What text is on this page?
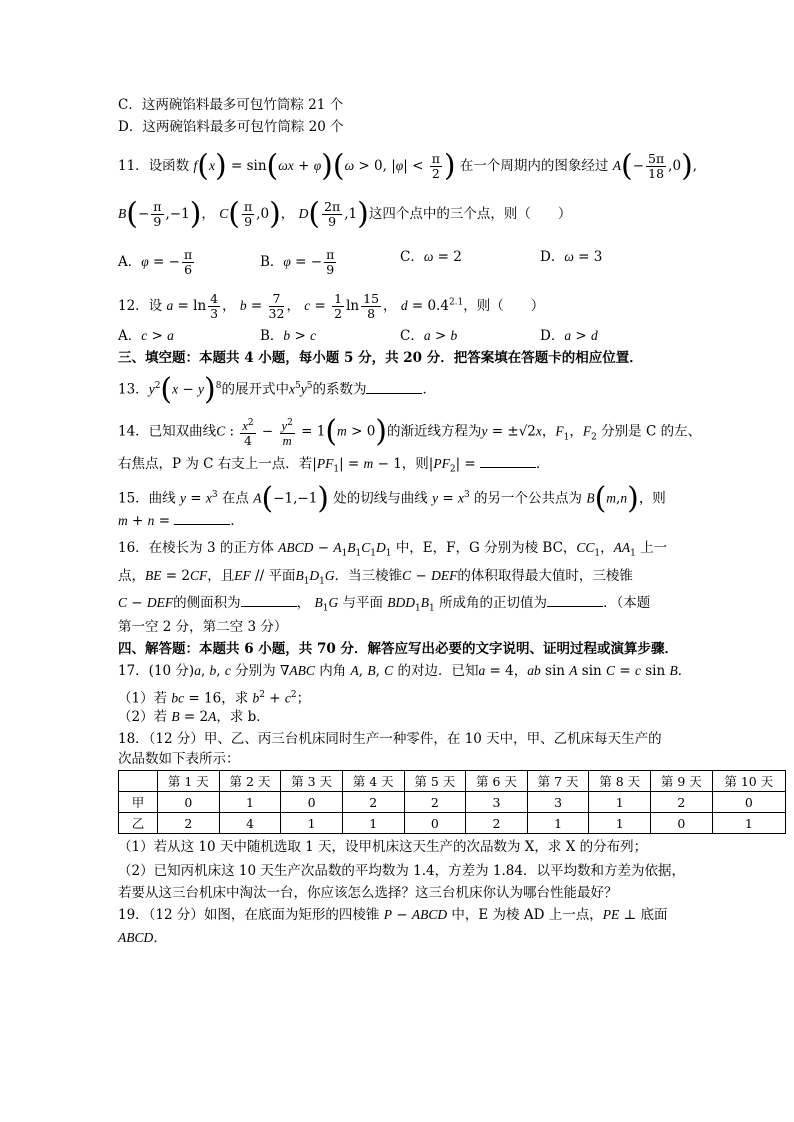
C．这两碗馅料最多可包竹筒粽 21 个
D．这两碗馅料最多可包竹筒粽 20 个
11．设函数 f(x) = sin(ωx + φ)(ω > 0, $|\varphi| < \frac{\pi}{2}$ ) 在一个周期内的图象经过 $A(- \frac{5\pi}{18} ,0)$,
$B(- \frac{\pi}{9} ,-1)$， $C( \frac{\pi}{9} ,0)$， $D( \frac{2\pi}{9} ,1)$这四个点中的三个点，则（　　）
A．φ = − $\frac{\pi}{6}$	B．φ = − $\frac{\pi}{9}$	C．ω = 2	D．ω = 3
12．设 $a = \ln \frac{4}{3}$ ， $b = \frac{7}{32}$ ， $c = \frac{1}{2}$ $\ln \frac{15}{8}$ ， $d = 0.4^{2.1}$，则（　　）
A．c > a	B．b > c	C．a > b	D．a > d
三、填空题：本题共 4 小题，每小题 5 分，共 20 分．把答案填在答题卡的相应位置．
13．$y^2(x - y)^8$的展开式中$x^5y^5$的系数为	．
14．已知双曲线C : $\frac{x^2}{4} - \frac{y^2}{m} = 1(m > 0)$的渐近线方程为y = ±√2x，$F_1$，$F_2$ 分别是 C 的左、
右焦点，P 为 C 右支上一点．若$|PF_1| = m - 1$，则$|PF_2|$ =	．
15．曲线 $y = x^3$ 在点 A(−1,−1) 处的切线与曲线 $y = x^3$ 的另一个公共点为 B(m,n)，则
m + n =	．
16．在棱长为 3 的正方体 ABCD − $A_1B_1C_1D_1$ 中，E，F，G 分别为棱 BC，$CC_1$，$AA_1$ 上一
点，BE = 2CF，且EF // 平面$B_1D_1G$．当三棱锥C − DEF的体积取得最大值时，三棱锥
C − DEF的侧面积为	， $B_1G$ 与平面 $BDD_1B_1$ 所成角的正切值为	．（本题
第一空 2 分，第二空 3 分）
四、解答题：本题共 6 小题，共 70 分．解答应写出必要的文字说明、证明过程或演算步骤．
17．(10 分)a, b, c 分别为 ∇ABC 内角 A, B, C 的对边．已知a = 4，ab sin A sin C = c sin B．
（1）若 bc = 16，求 $b^2 + c^2$；
（2）若 B = 2A，求 b．
18．（12 分）甲、乙、丙三台机床同时生产一种零件，在 10 天中，甲、乙机床每天生产的
次品数如下表所示：
	第 1 天	第 2 天	第 3 天	第 4 天	第 5 天	第 6 天	第 7 天	第 8 天	第 9 天	第 10 天
甲	0	1	0	2	2	3	3	1	2	0
乙	2	4	1	1	0	2	1	1	0	1
（1）若从这 10 天中随机选取 1 天，设甲机床这天生产的次品数为 X，求 X 的分布列；
（2）已知丙机床这 10 天生产次品数的平均数为 1.4，方差为 1.84．以平均数和方差为依据，
若要从这三台机床中淘汰一台，你应该怎么选择？这三台机床你认为哪台性能最好？
19．（12 分）如图，在底面为矩形的四棱锥 P − ABCD 中，E 为棱 AD 上一点，PE ⊥ 底面
ABCD．
